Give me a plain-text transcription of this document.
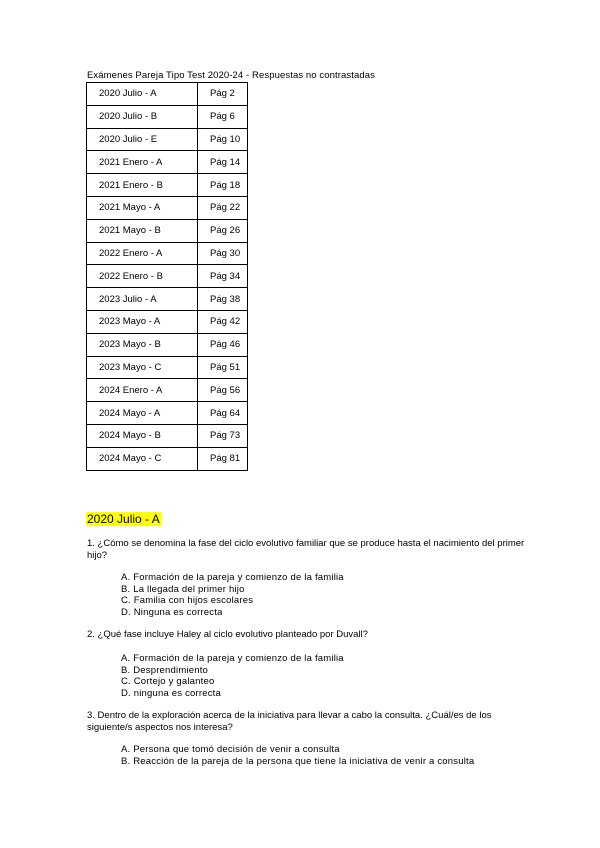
Exámenes Pareja Tipo Test 2020-24 - Respuestas no contrastadas
2020 Julio - A	Pág 2
2020 Julio - B	Pág 6
2020 Julio - E	Pág 10
2021 Enero - A	Pág 14
2021 Enero - B	Pág 18
2021 Mayo - A	Pág 22
2021 Mayo - B	Pág 26
2022 Enero - A	Pág 30
2022 Enero - B	Pág 34
2023 Julio - A	Pág 38
2023 Mayo - A	Pág 42
2023 Mayo - B	Pág 46
2023 Mayo - C	Pág 51
2024 Enero - A	Pág 56
2024 Mayo - A	Pág 64
2024 Mayo - B	Pág 73
2024 Mayo - C	Pág 81
2020 Julio - A
1. ¿Cómo se denomina la fase del ciclo evolutivo familiar que se produce hasta el nacimiento del primer hijo?
A. Formación de la pareja y comienzo de la familia
B. La llegada del primer hijo
C. Familia con hijos escolares
D. Ninguna es correcta
2. ¿Qué fase incluye Haley al ciclo evolutivo planteado por Duvall?
A. Formación de la pareja y comienzo de la familia
B. Desprendimiento
C. Cortejo y galanteo
D. ninguna es correcta
3. Dentro de la exploración acerca de la iniciativa para llevar a cabo la consulta. ¿Cuál/es de los siguiente/s aspectos nos interesa?
A. Persona que tomó decisión de venir a consulta
B. Reacción de la pareja de la persona que tiene la iniciativa de venir a consulta
